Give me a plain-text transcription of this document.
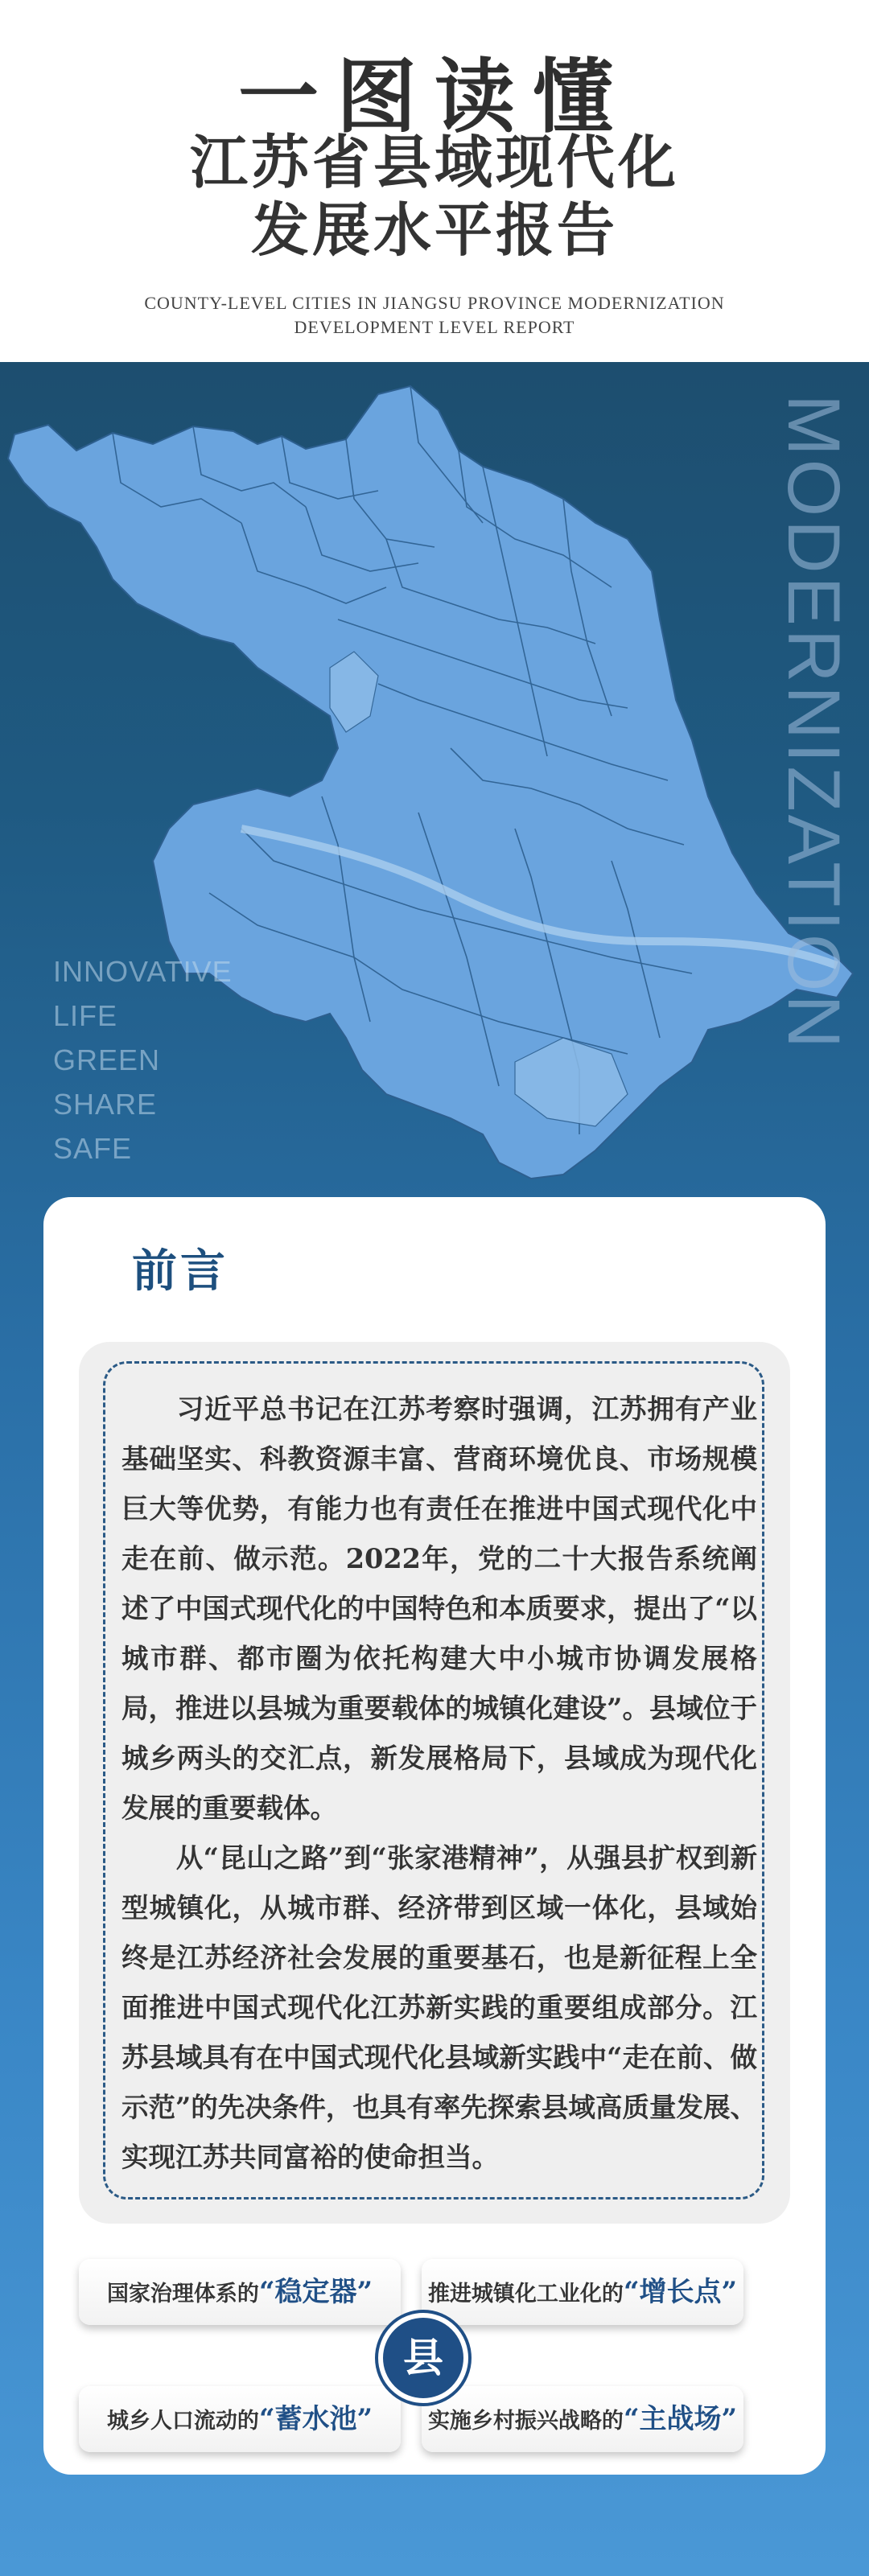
一图读懂
江苏省县域现代化
发展水平报告
COUNTY-LEVEL CITIES IN JIANGSU PROVINCE MODERNIZATION
DEVELOPMENT LEVEL REPORT
MODERNIZATION
INNOVATIVE
LIFE
GREEN
SHARE
SAFE
前言
　　习近平总书记在江苏考察时强调，江苏拥有产业基础坚实、科教资源丰富、营商环境优良、市场规模巨大等优势，有能力也有责任在推进中国式现代化中走在前、做示范。2022年，党的二十大报告系统阐述了中国式现代化的中国特色和本质要求，提出了“以城市群、都市圈为依托构建大中小城市协调发展格局，推进以县城为重要载体的城镇化建设”。县域位于城乡两头的交汇点，新发展格局下，县域成为现代化发展的重要载体。
　　从“昆山之路”到“张家港精神”，从强县扩权到新型城镇化，从城市群、经济带到区域一体化，县域始终是江苏经济社会发展的重要基石，也是新征程上全面推进中国式现代化江苏新实践的重要组成部分。江苏县域具有在中国式现代化县域新实践中“走在前、做示范”的先决条件，也具有率先探索县域高质量发展、实现江苏共同富裕的使命担当。
国家治理体系的“稳定器”	推进城镇化工业化的“增长点”
城乡人口流动的“蓄水池”	实施乡村振兴战略的“主战场”
县
